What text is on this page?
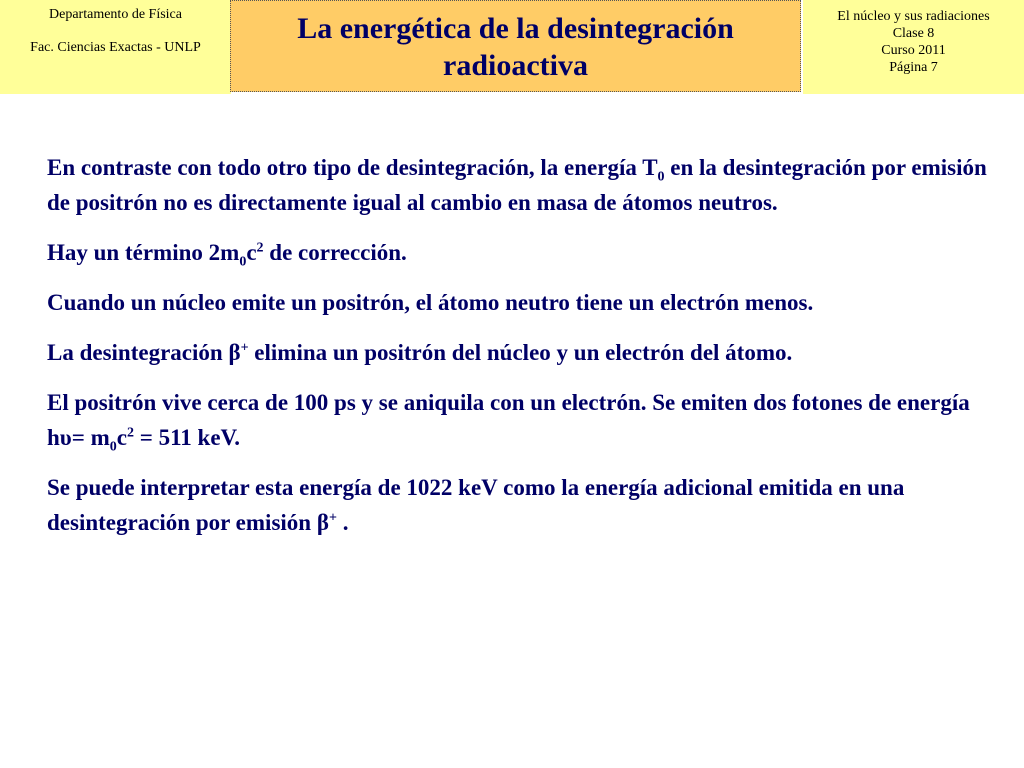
Departamento de Física
Fac. Ciencias Exactas - UNLP
La energética de la desintegración
radioactiva
El núcleo y sus radiaciones
Clase 8
Curso 2011
Página 7

En contraste con todo otro tipo de desintegración, la energía $T_0$ en la desintegración por emisión de positrón no es directamente igual al cambio en masa de átomos neutros.

Hay un término $2m_0c^2$ de corrección.

Cuando un núcleo emite un positrón, el átomo neutro tiene un electrón menos.

La desintegración β+ elimina un positrón del núcleo y un electrón del átomo.

El positrón vive cerca de 100 ps y se aniquila con un electrón. Se emiten dos fotones de energía $h\upsilon= m_0c^2 = 511$ keV.

Se puede interpretar esta energía de 1022 keV como la energía adicional emitida en una desintegración por emisión β+ .
